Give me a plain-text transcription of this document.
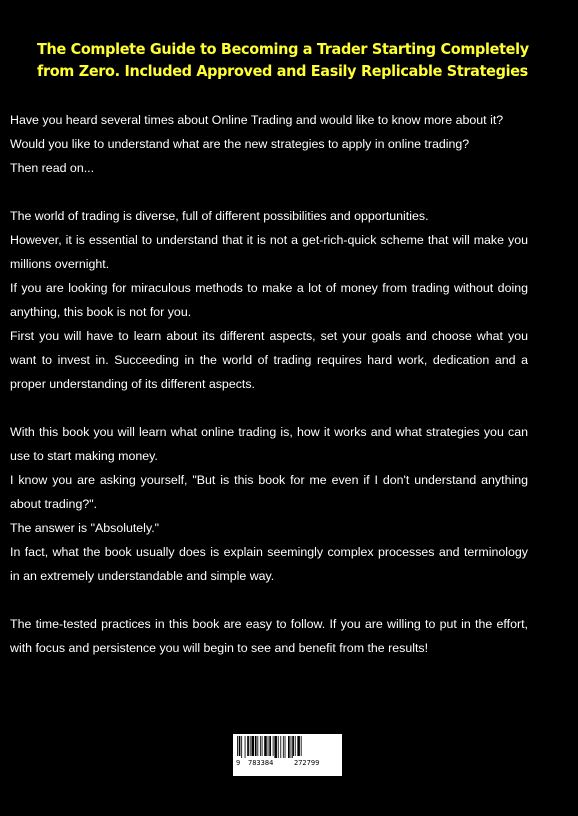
The Complete Guide to Becoming a Trader Starting Completely
from Zero. Included Approved and Easily Replicable Strategies

Have you heard several times about Online Trading and would like to know more about it?

Would you like to understand what are the new strategies to apply in online trading?

Then read on...

The world of trading is diverse, full of different possibilities and opportunities.

However, it is essential to understand that it is not a get-rich-quick scheme that will make you millions overnight.

If you are looking for miraculous methods to make a lot of money from trading without doing anything, this book is not for you.

First you will have to learn about its different aspects, set your goals and choose what you want to invest in. Succeeding in the world of trading requires hard work, dedication and a proper understanding of its different aspects.

With this book you will learn what online trading is, how it works and what strategies you can use to start making money.

I know you are asking yourself, "But is this book for me even if I don't understand anything about trading?".

The answer is "Absolutely."

In fact, what the book usually does is explain seemingly complex processes and terminology in an extremely understandable and simple way.

The time-tested practices in this book are easy to follow. If you are willing to put in the effort, with focus and persistence you will begin to see and benefit from the results!

9 783384	272799
